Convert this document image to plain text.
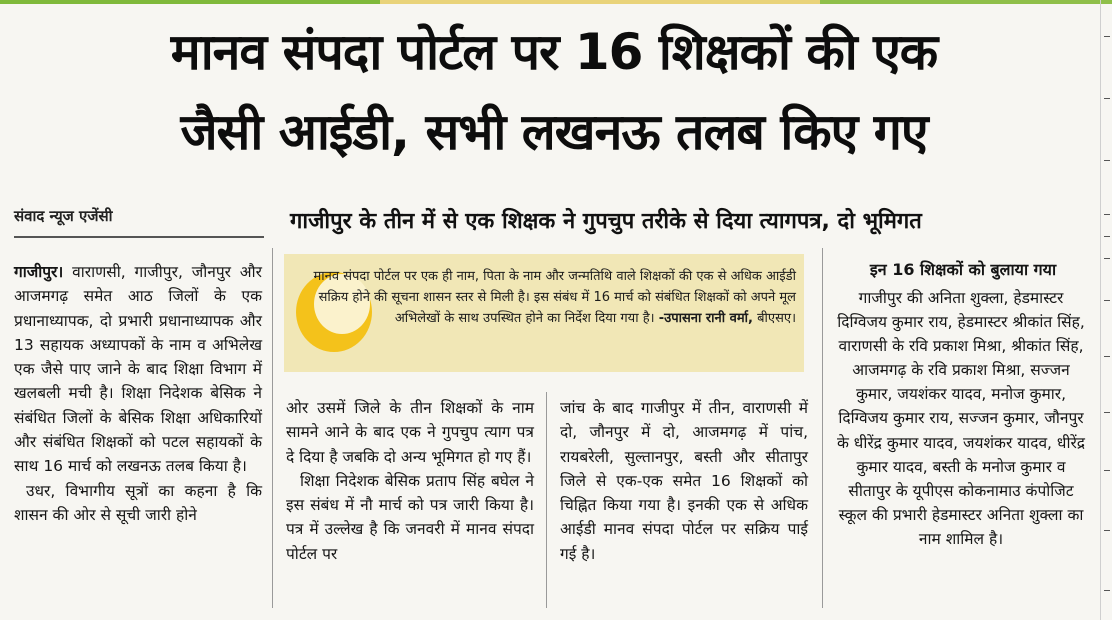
मानव संपदा पोर्टल पर 16 शिक्षकों की एक
जैसी आईडी, सभी लखनऊ तलब किए गए
संवाद न्यूज एजेंसी	गाजीपुर के तीन में से एक शिक्षक ने गुपचुप तरीके से दिया त्यागपत्र, दो भूमिगत

गाजीपुर। वाराणसी, गाजीपुर, जौनपुर और आजमगढ़ समेत आठ जिलों के एक प्रधानाध्यापक, दो प्रभारी प्रधानाध्यापक और 13 सहायक अध्यापकों के नाम व अभिलेख एक जैसे पाए जाने के बाद शिक्षा विभाग में खलबली मची है। शिक्षा निदेशक बेसिक ने संबंधित जिलों के बेसिक शिक्षा अधिकारियों और संबंधित शिक्षकों को पटल सहायकों के साथ 16 मार्च को लखनऊ तलब किया है।

उधर, विभागीय सूत्रों का कहना है कि शासन की ओर से सूची जारी होने

मानव संपदा पोर्टल पर एक ही नाम, पिता के नाम और जन्मतिथि वाले शिक्षकों की एक से अधिक आईडी सक्रिय होने की सूचना शासन स्तर से मिली है। इस संबंध में 16 मार्च को संबंधित शिक्षकों को अपने मूल अभिलेखों के साथ उपस्थित होने का निर्देश दिया गया है। -उपासना रानी वर्मा, बीएसए।

ओर उसमें जिले के तीन शिक्षकों के नाम सामने आने के बाद एक ने गुपचुप त्याग पत्र दे दिया है जबकि दो अन्य भूमिगत हो गए हैं।

शिक्षा निदेशक बेसिक प्रताप सिंह बघेल ने इस संबंध में नौ मार्च को पत्र जारी किया है। पत्र में उल्लेख है कि जनवरी में मानव संपदा पोर्टल पर

जांच के बाद गाजीपुर में तीन, वाराणसी में दो, जौनपुर में दो, आजमगढ़ में पांच, रायबरेली, सुल्तानपुर, बस्ती और सीतापुर जिले से एक-एक समेत 16 शिक्षकों को चिह्नित किया गया है। इनकी एक से अधिक आईडी मानव संपदा पोर्टल पर सक्रिय पाई गई है।

इन 16 शिक्षकों को बुलाया गया

गाजीपुर की अनिता शुक्ला, हेडमास्टर दिग्विजय कुमार राय, हेडमास्टर श्रीकांत सिंह, वाराणसी के रवि प्रकाश मिश्रा, श्रीकांत सिंह, आजमगढ़ के रवि प्रकाश मिश्रा, सज्जन कुमार, जयशंकर यादव, मनोज कुमार, दिग्विजय कुमार राय, सज्जन कुमार, जौनपुर के धीरेंद्र कुमार यादव, जयशंकर यादव, धीरेंद्र कुमार यादव, बस्ती के मनोज कुमार व सीतापुर के यूपीएस कोकनामाउ कंपोजिट स्कूल की प्रभारी हेडमास्टर अनिता शुक्ला का नाम शामिल है।
